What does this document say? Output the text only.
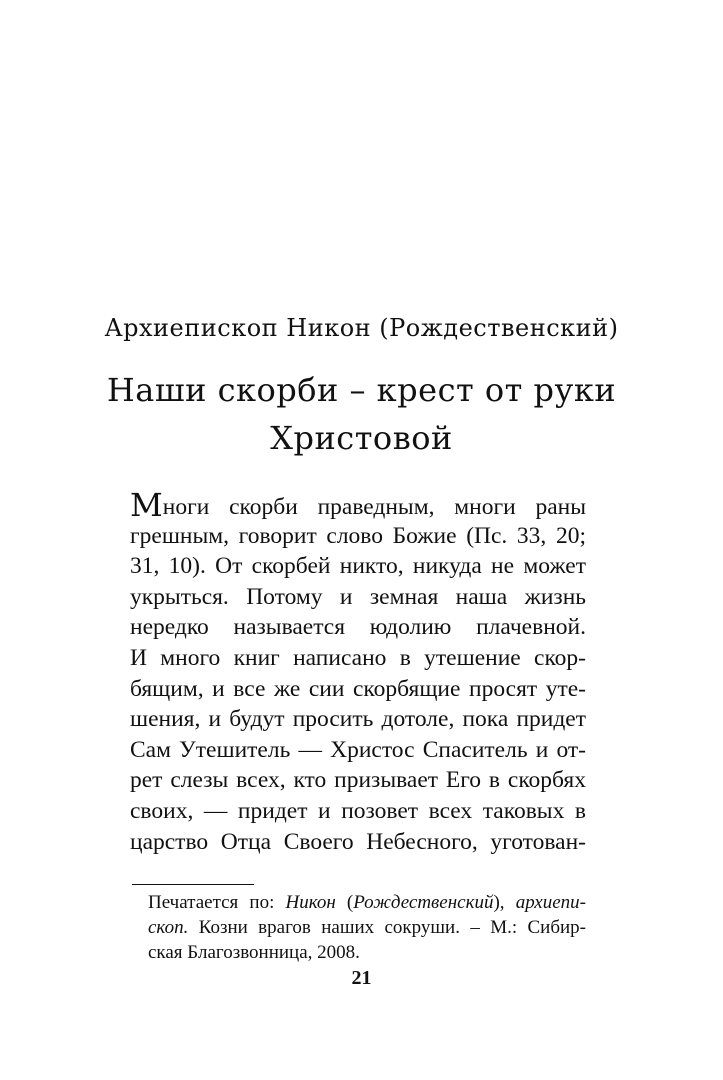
Архиепископ Никон (Рождественский)
Наши скорби – крест от руки
Христовой
Многи скорби праведным, многи раны
грешным, говорит слово Божие (Пс. 33, 20;
31, 10). От скорбей никто, никуда не может
укрыться. Потому и земная наша жизнь
нередко называется юдолию плачевной.
И много книг написано в утешение скор-
бящим, и все же сии скорбящие просят уте-
шения, и будут просить дотоле, пока придет
Сам Утешитель — Христос Спаситель и от-
рет слезы всех, кто призывает Его в скорбях
своих, — придет и позовет всех таковых в
царство Отца Своего Небесного, уготован-
Печатается по: Никон (Рождественский), архиепи-
скоп. Козни врагов наших сокруши. – М.: Сибир-
ская Благозвонница, 2008.
21
